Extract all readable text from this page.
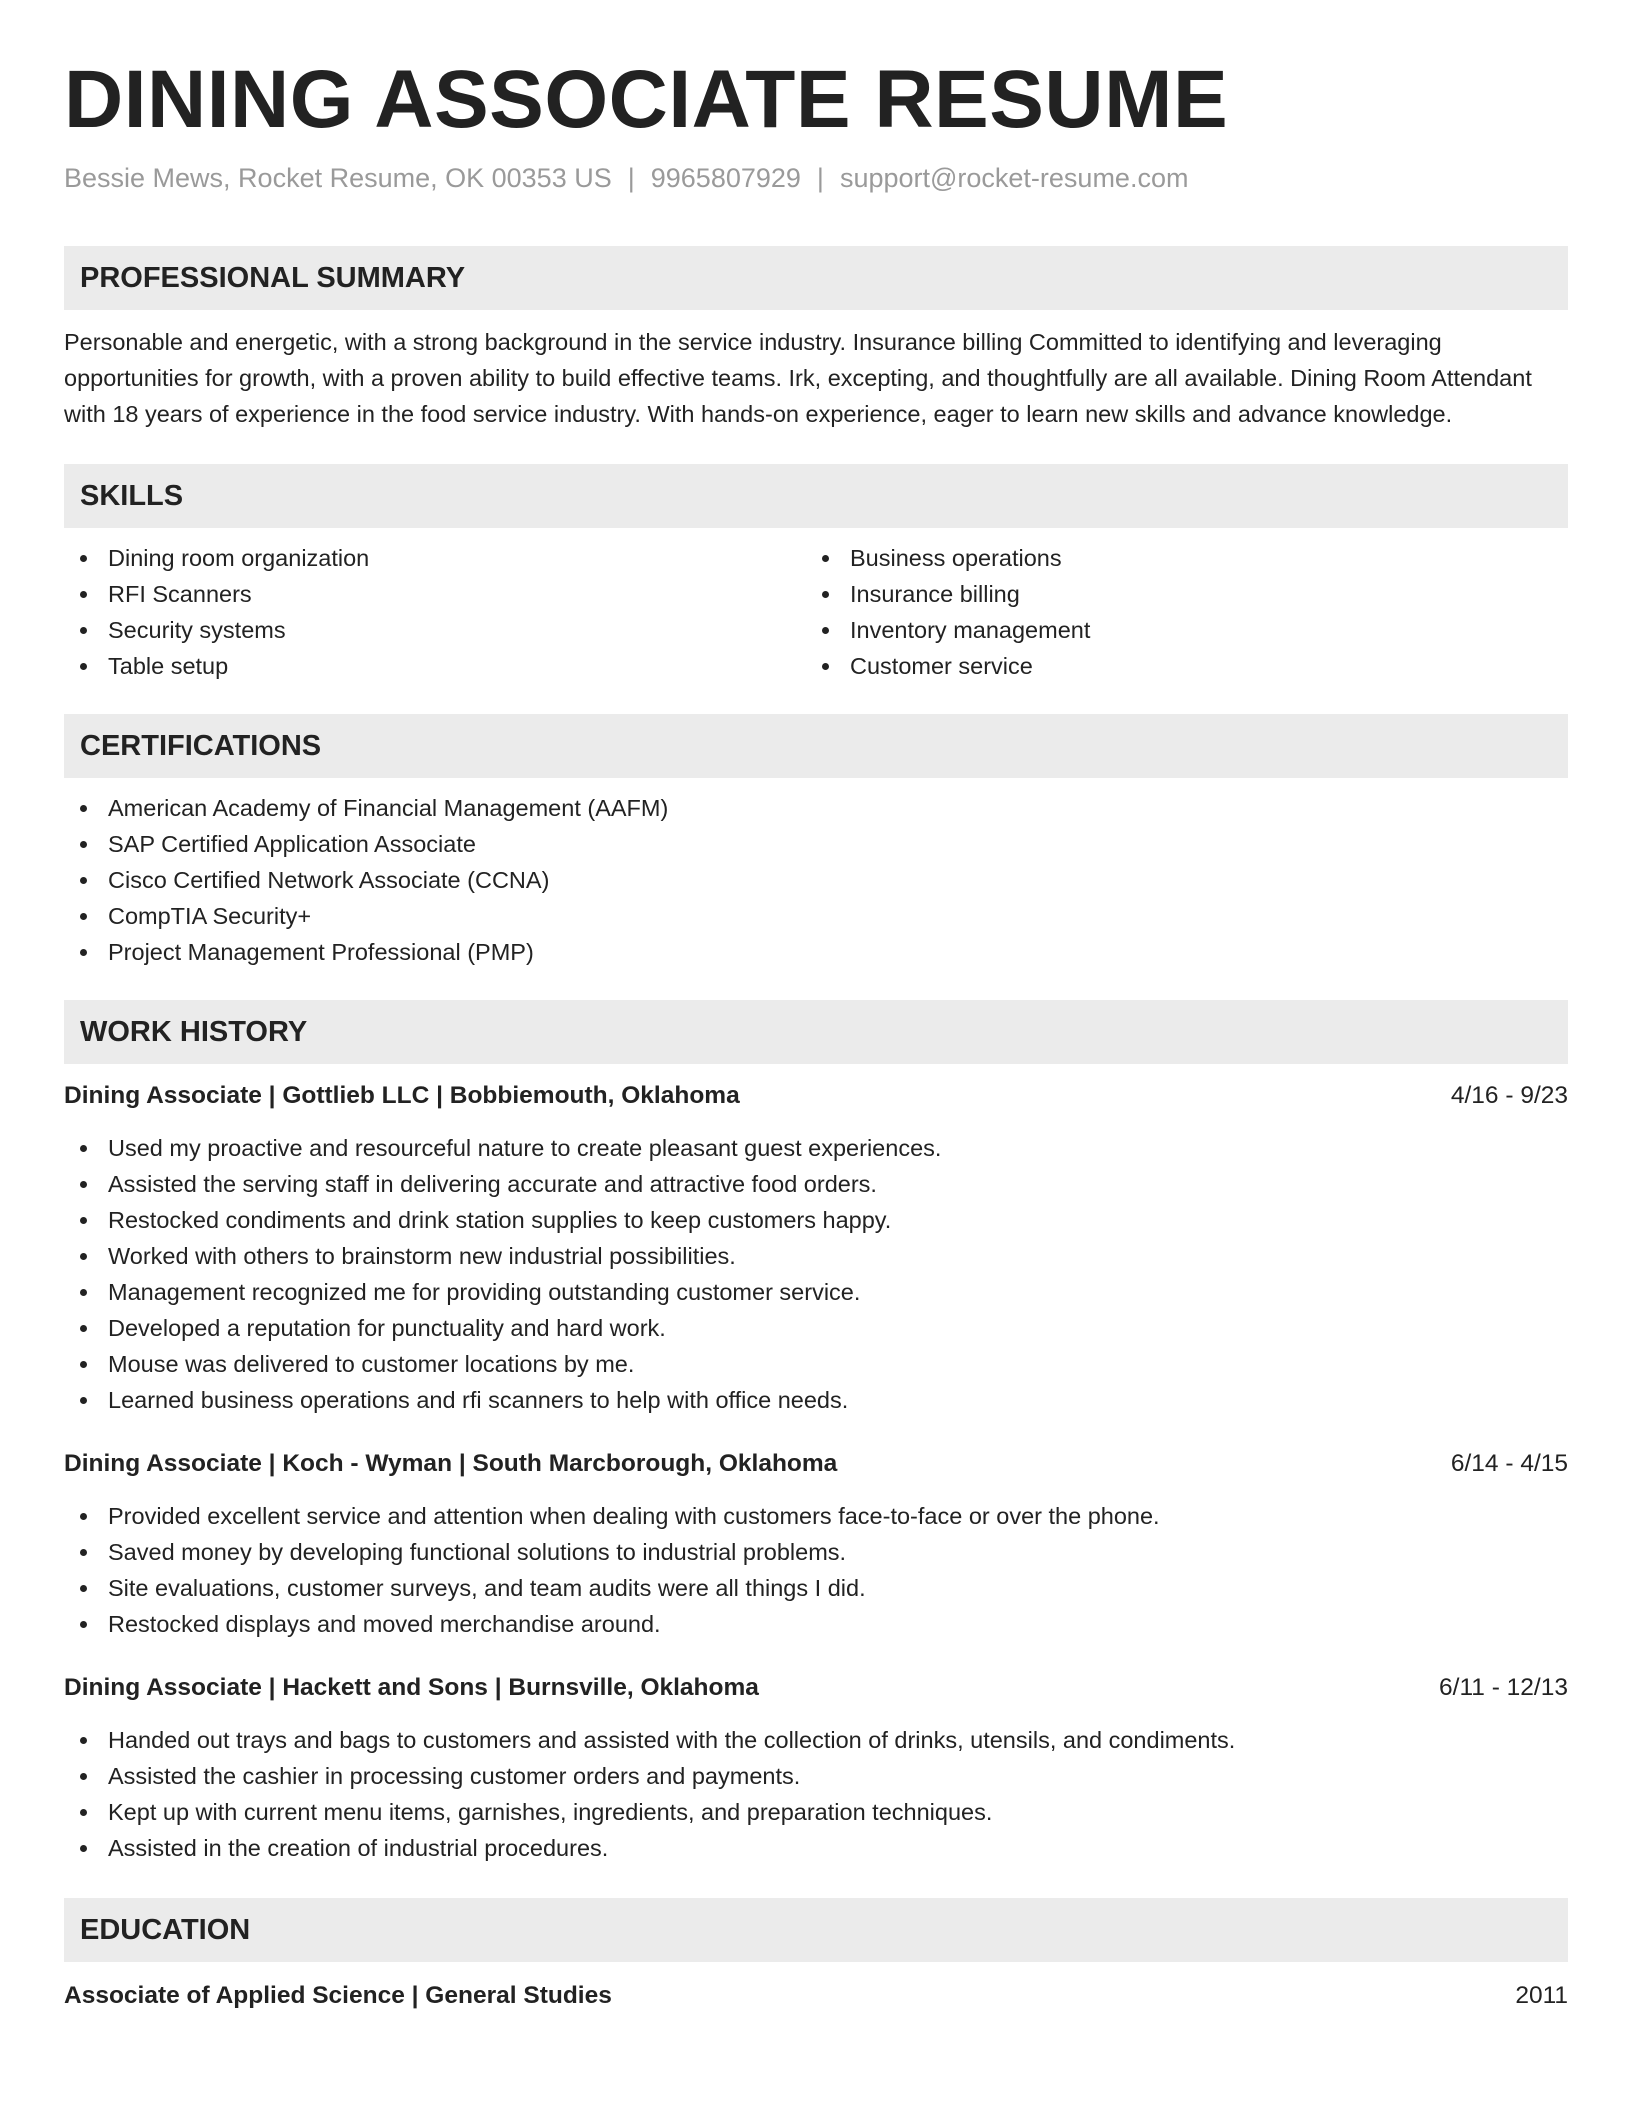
DINING ASSOCIATE RESUME
Bessie Mews, Rocket Resume, OK 00353 US | 9965807929 | support@rocket-resume.com
PROFESSIONAL SUMMARY

Personable and energetic, with a strong background in the service industry. Insurance billing Committed to identifying and leveraging opportunities for growth, with a proven ability to build effective teams. Irk, excepting, and thoughtfully are all available. Dining Room Attendant with 18 years of experience in the food service industry. With hands-on experience, eager to learn new skills and advance knowledge.

SKILLS
Dining room organization
RFI Scanners
Security systems
Table setup
Business operations
Insurance billing
Inventory management
Customer service
CERTIFICATIONS
American Academy of Financial Management (AAFM)
SAP Certified Application Associate
Cisco Certified Network Associate (CCNA)
CompTIA Security+
Project Management Professional (PMP)
WORK HISTORY
Dining Associate | Gottlieb LLC | Bobbiemouth, Oklahoma	4/16 - 9/23
Used my proactive and resourceful nature to create pleasant guest experiences.
Assisted the serving staff in delivering accurate and attractive food orders.
Restocked condiments and drink station supplies to keep customers happy.
Worked with others to brainstorm new industrial possibilities.
Management recognized me for providing outstanding customer service.
Developed a reputation for punctuality and hard work.
Mouse was delivered to customer locations by me.
Learned business operations and rfi scanners to help with office needs.
Dining Associate | Koch - Wyman | South Marcborough, Oklahoma	6/14 - 4/15
Provided excellent service and attention when dealing with customers face-to-face or over the phone.
Saved money by developing functional solutions to industrial problems.
Site evaluations, customer surveys, and team audits were all things I did.
Restocked displays and moved merchandise around.
Dining Associate | Hackett and Sons | Burnsville, Oklahoma	6/11 - 12/13
Handed out trays and bags to customers and assisted with the collection of drinks, utensils, and condiments.
Assisted the cashier in processing customer orders and payments.
Kept up with current menu items, garnishes, ingredients, and preparation techniques.
Assisted in the creation of industrial procedures.
EDUCATION
Associate of Applied Science | General Studies	2011
